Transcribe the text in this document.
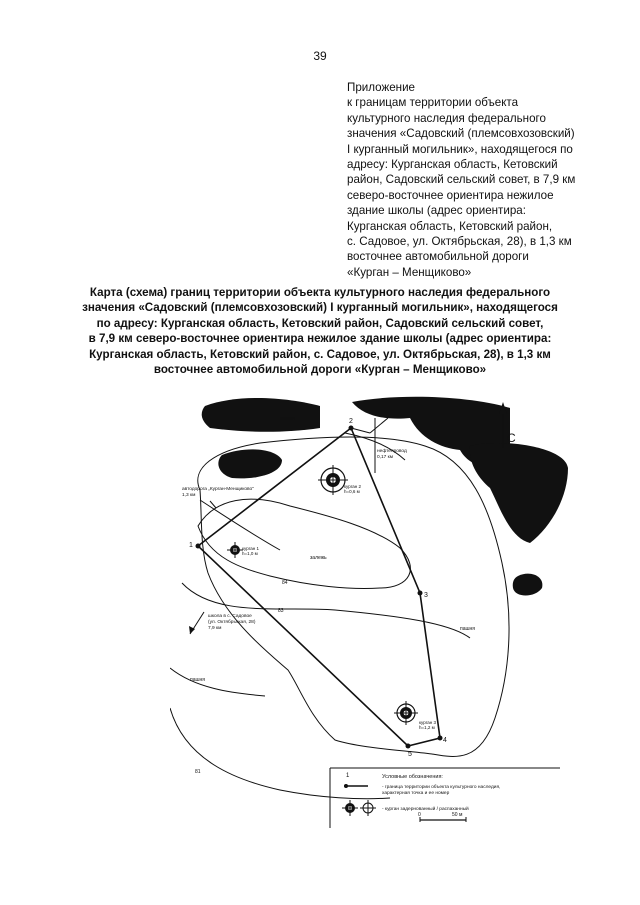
39
Приложение
к границам территории объекта
культурного наследия федерального
значения «Садовский (племсовхозовский)
I курганный могильник», находящегося по
адресу: Курганская область, Кетовский
район, Садовский сельский совет, в 7,9 км
северо-восточнее ориентира нежилое
здание школы (адрес ориентира:
Курганская область, Кетовский район,
с. Садовое, ул. Октябрьская, 28), в 1,3 км
восточнее автомобильной дороги
«Курган – Менщиково»
Карта (схема) границ территории объекта культурного наследия федерального
значения «Садовский (племсовхозовский) I курганный могильник», находящегося
по адресу: Курганская область, Кетовский район, Садовский сельский совет,
в 7,9 км северо-восточнее ориентира нежилое здание школы (адрес ориентира:
Курганская область, Кетовский район, с. Садовое, ул. Октябрьская, 28), в 1,3 км
восточнее автомобильной дороги «Курган – Менщиково»
1
2
3
4
5
курган 1
h=1,0 м
курган 2
h=0,6 м
курган 3
h=1,2 м
автодорога „Курган-Менщиково"
1,3 км
нефтепровод
0,17 км
школа в с. Садовое
(ул. Октябрьская, 28)
7,9 км
пашня
залежь
пашня
пашня
84
83
81
С
Условные обозначения:
1
- граница территории объекта культурного наследия,
характерная точка и ее номер
- курган задернованный / распаханный
0	50 м
